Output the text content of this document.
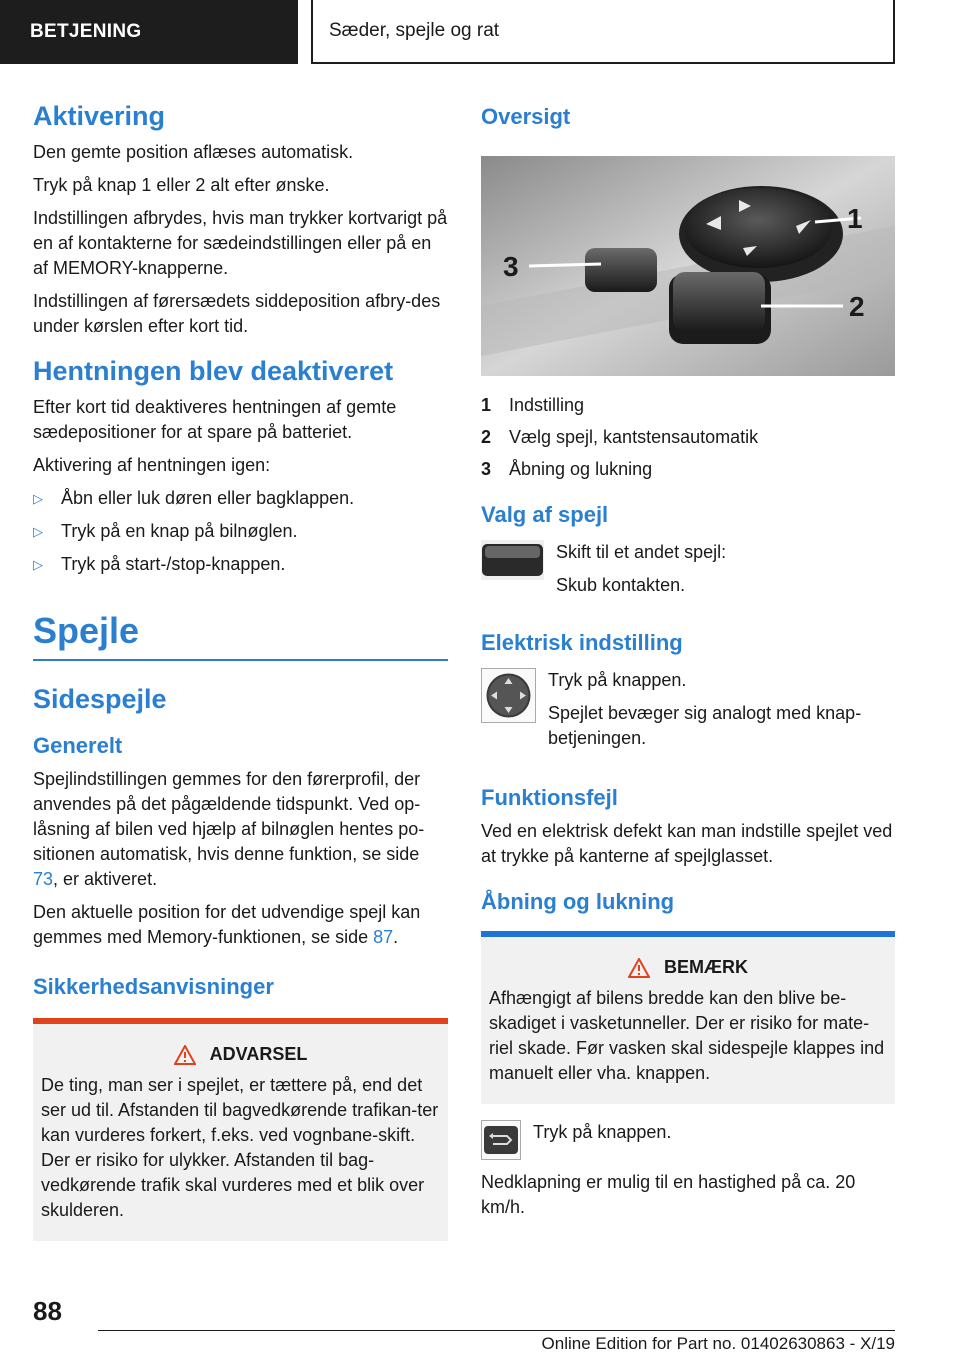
BETJENING	Sæder, spejle og rat
Aktivering

Den gemte position aflæses automatisk.

Tryk på knap 1 eller 2 alt efter ønske.

Indstillingen afbrydes, hvis man trykker kortvarigt på en af kontakterne for sædeindstillingen eller på en af MEMORY-knapperne.

Indstillingen af førersædets siddeposition afbry-des under kørslen efter kort tid.

Hentningen blev deaktiveret

Efter kort tid deaktiveres hentningen af gemte sædepositioner for at spare på batteriet.

Aktivering af hentningen igen:

▷	Åbn eller luk døren eller bagklappen.
▷	Tryk på en knap på bilnøglen.
▷	Tryk på start-/stop-knappen.
Spejle
Sidespejle
Generelt

Spejlindstillingen gemmes for den førerprofil, der anvendes på det pågældende tidspunkt. Ved op-låsning af bilen ved hjælp af bilnøglen hentes po-sitionen automatisk, hvis denne funktion, se side 73, er aktiveret.

Den aktuelle position for det udvendige spejl kan gemmes med Memory-funktionen, se side 87.

Sikkerhedsanvisninger
ADVARSEL

De ting, man ser i spejlet, er tættere på, end det ser ud til. Afstanden til bagvedkørende trafikan-ter kan vurderes forkert, f.eks. ved vognbane-skift. Der er risiko for ulykker. Afstanden til bag-vedkørende trafik skal vurderes med et blik over skulderen.

Oversigt
3
1
2
1 Indstilling
2 Vælg spejl, kantstensautomatik
3 Åbning og lukning
Valg af spejl

Skift til et andet spejl:

Skub kontakten.

Elektrisk indstilling

Tryk på knappen.

Spejlet bevæger sig analogt med knap-betjeningen.

Funktionsfejl

Ved en elektrisk defekt kan man indstille spejlet ved at trykke på kanterne af spejlglasset.

Åbning og lukning
BEMÆRK

Afhængigt af bilens bredde kan den blive be-skadiget i vasketunneller. Der er risiko for mate-riel skade. Før vasken skal sidespejle klappes ind manuelt eller vha. knappen.

Tryk på knappen.

Nedklapning er mulig til en hastighed på ca. 20 km/h.

88
Online Edition for Part no. 01402630863 - X/19
